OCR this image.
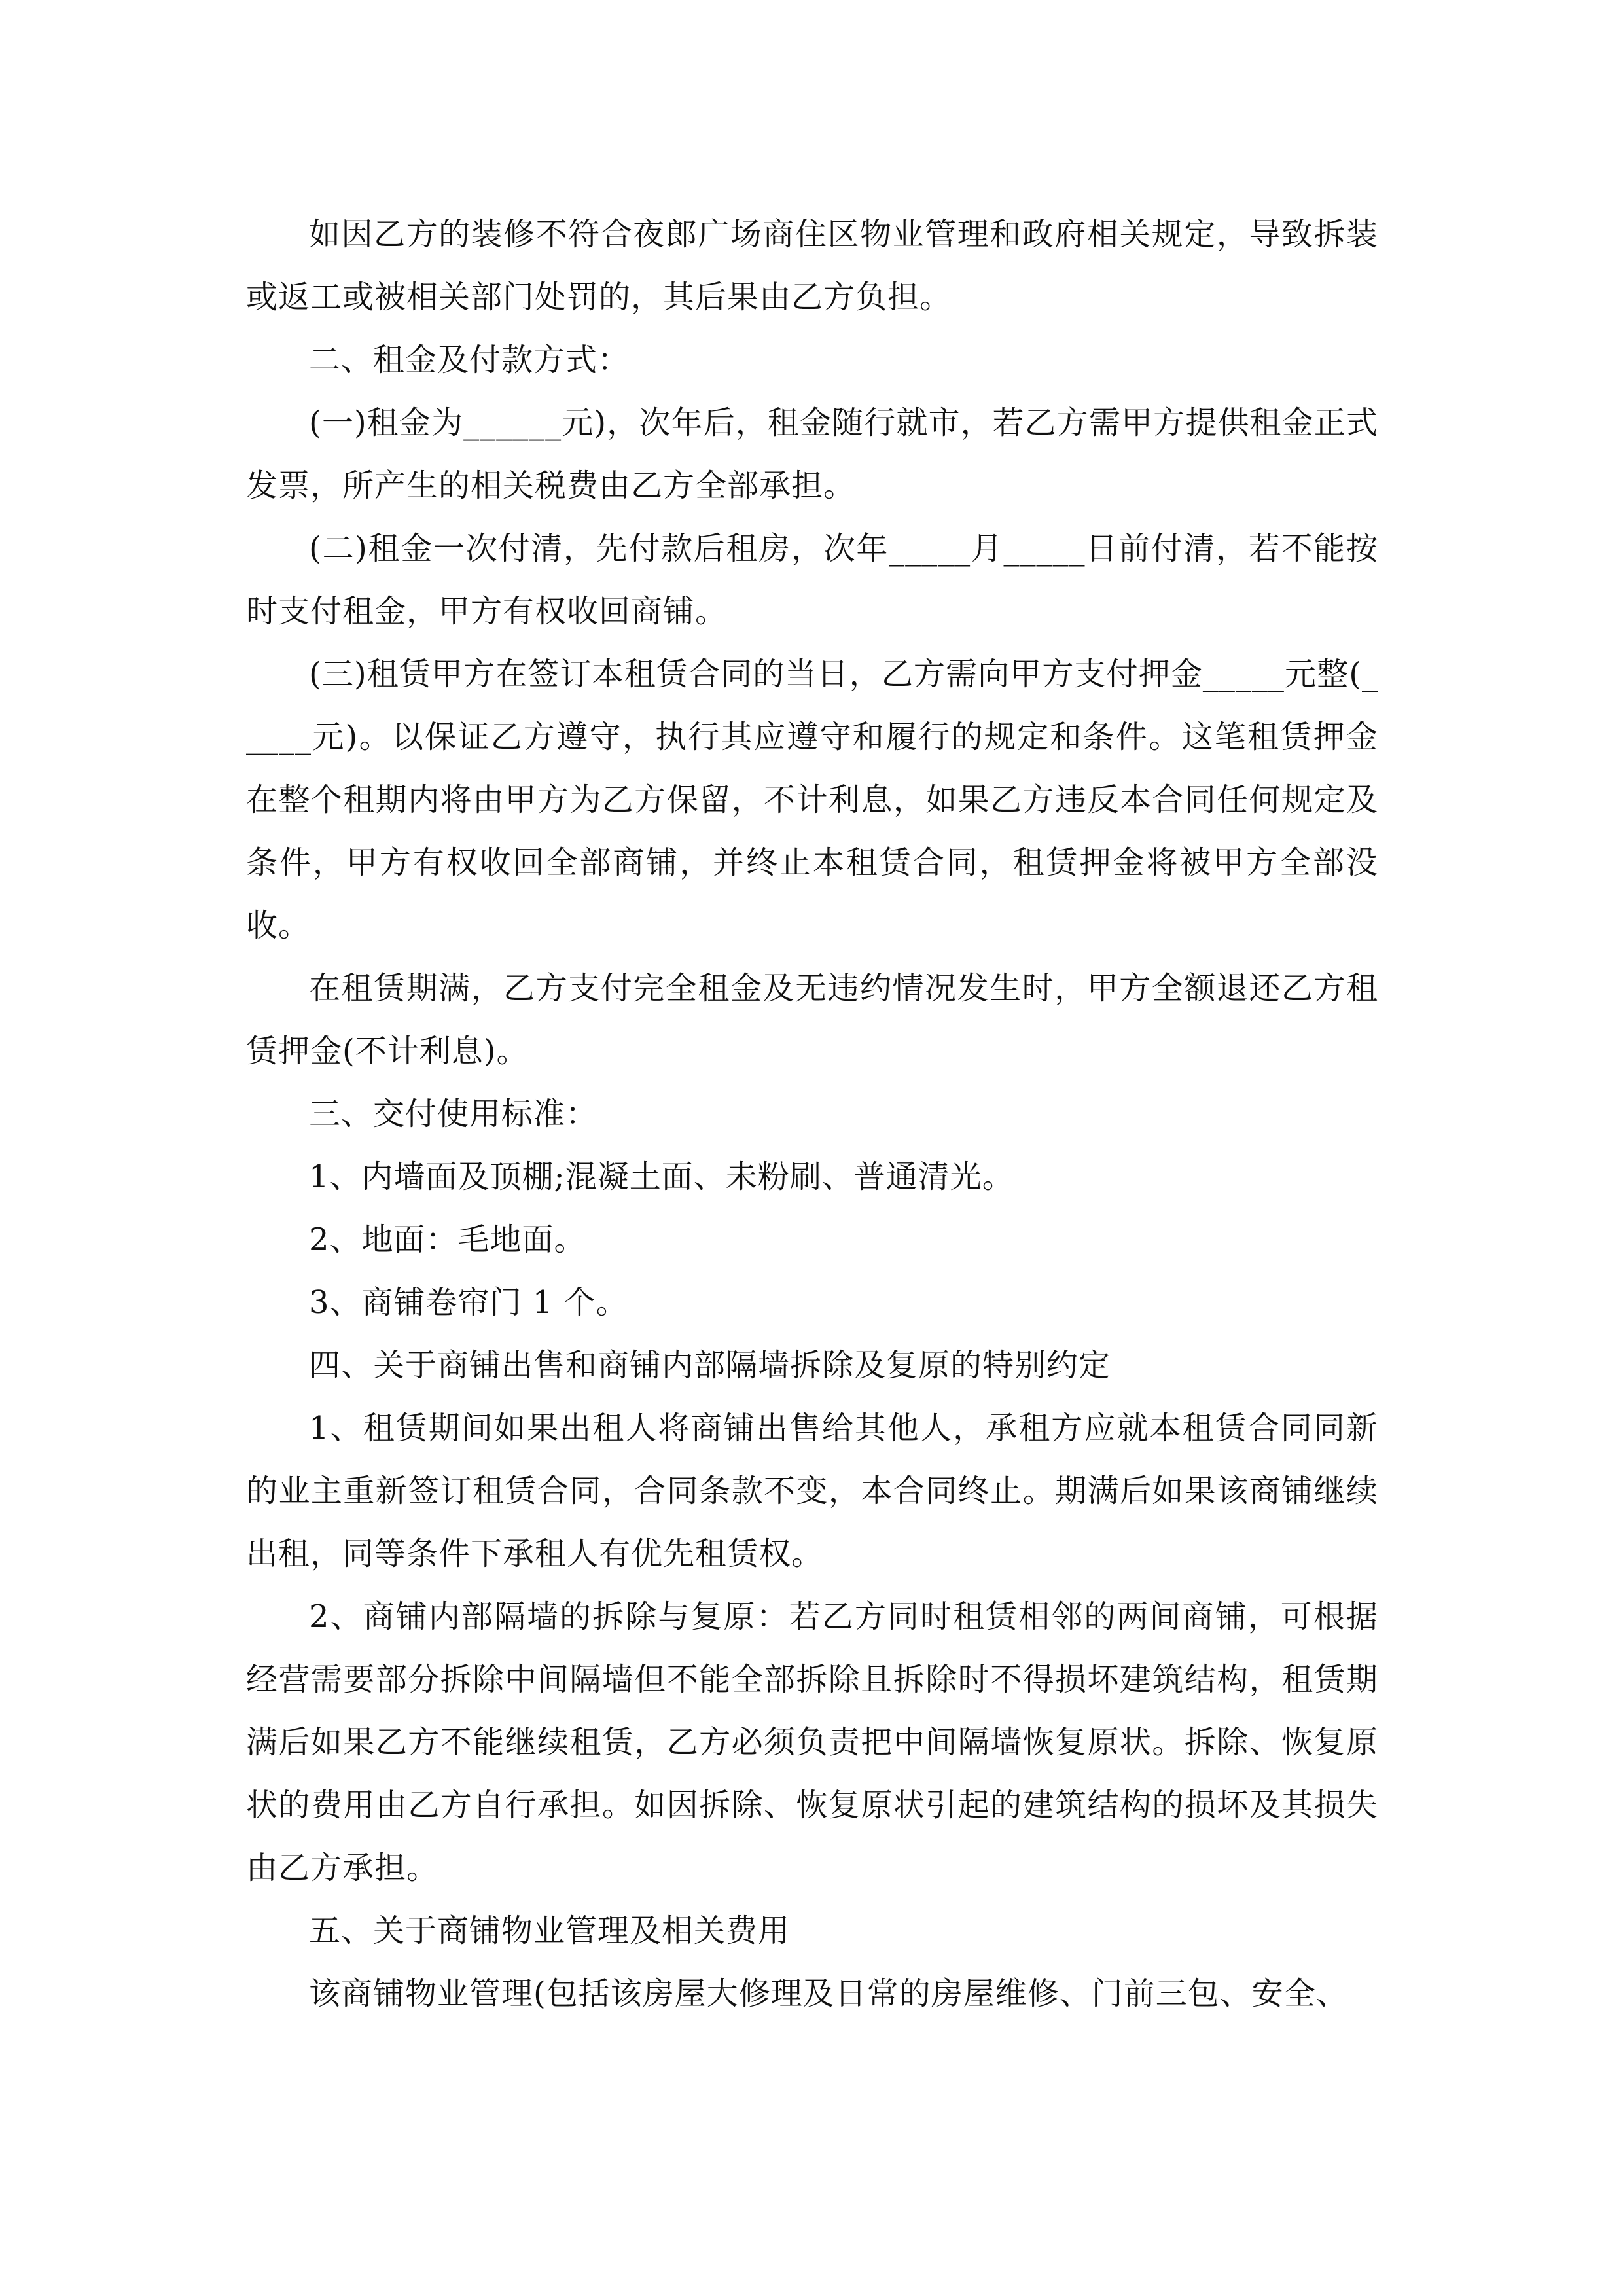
如因乙方的装修不符合夜郎广场商住区物业管理和政府相关规定，导致拆装或返工或被相关部门处罚的，其后果由乙方负担。

二、租金及付款方式：

(一)租金为______元)，次年后，租金随行就市，若乙方需甲方提供租金正式发票，所产生的相关税费由乙方全部承担。

(二)租金一次付清，先付款后租房，次年_____月_____日前付清，若不能按时支付租金，甲方有权收回商铺。

(三)租赁甲方在签订本租赁合同的当日，乙方需向甲方支付押金_____元整(_____元)。以保证乙方遵守，执行其应遵守和履行的规定和条件。这笔租赁押金在整个租期内将由甲方为乙方保留，不计利息，如果乙方违反本合同任何规定及条件，甲方有权收回全部商铺，并终止本租赁合同，租赁押金将被甲方全部没收。

在租赁期满，乙方支付完全租金及无违约情况发生时，甲方全额退还乙方租赁押金(不计利息)。

三、交付使用标准：

1、内墙面及顶棚;混凝土面、未粉刷、普通清光。

2、地面：毛地面。

3、商铺卷帘门 1 个。

四、关于商铺出售和商铺内部隔墙拆除及复原的特别约定

1、租赁期间如果出租人将商铺出售给其他人，承租方应就本租赁合同同新的业主重新签订租赁合同，合同条款不变，本合同终止。期满后如果该商铺继续出租，同等条件下承租人有优先租赁权。

2、商铺内部隔墙的拆除与复原：若乙方同时租赁相邻的两间商铺，可根据经营需要部分拆除中间隔墙但不能全部拆除且拆除时不得损坏建筑结构，租赁期满后如果乙方不能继续租赁，乙方必须负责把中间隔墙恢复原状。拆除、恢复原状的费用由乙方自行承担。如因拆除、恢复原状引起的建筑结构的损坏及其损失由乙方承担。

五、关于商铺物业管理及相关费用

该商铺物业管理(包括该房屋大修理及日常的房屋维修、门前三包、安全、
